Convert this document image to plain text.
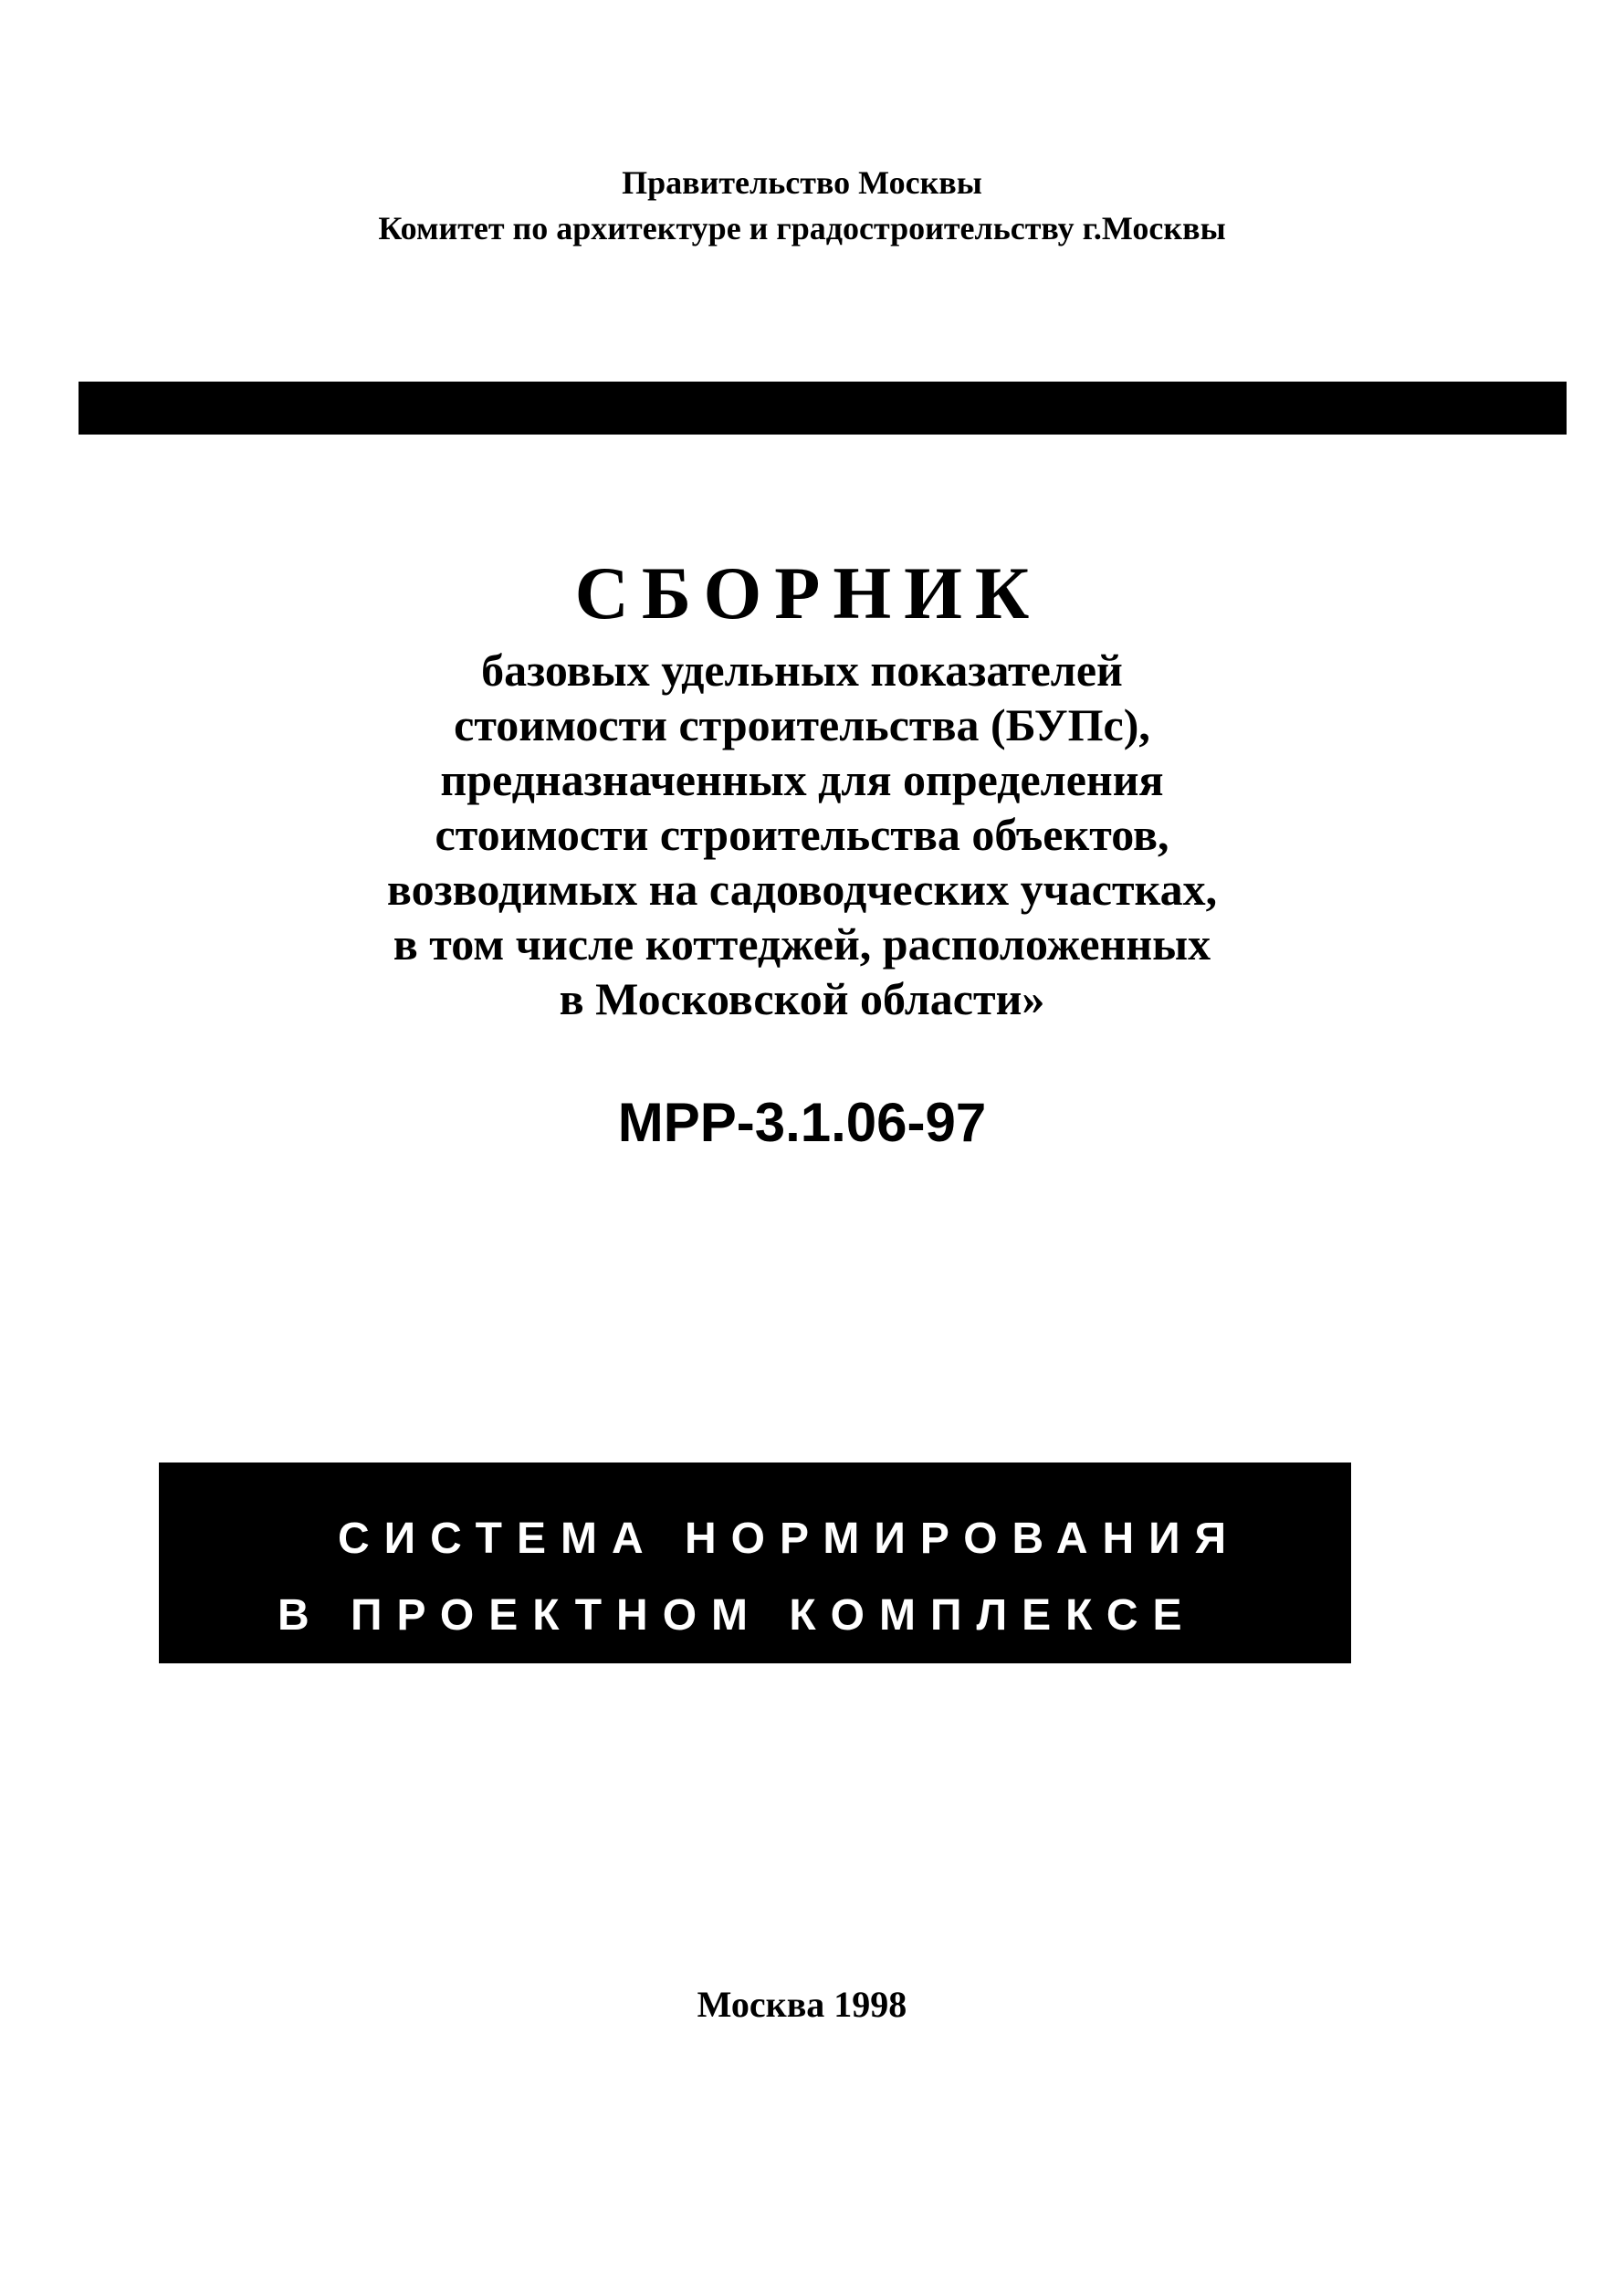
Правительство Москвы
Комитет по архитектуре и градостроительству г.Москвы
СБОРНИК
базовых удельных показателей
стоимости строительства (БУПс),
предназначенных для определения
стоимости строительства объектов,
возводимых на садоводческих участках,
в том числе коттеджей, расположенных
в Московской области»
МРР-3.1.06-97
СИСТЕМА НОРМИРОВАНИЯ
В ПРОЕКТНОМ КОМПЛЕКСЕ
Москва 1998
